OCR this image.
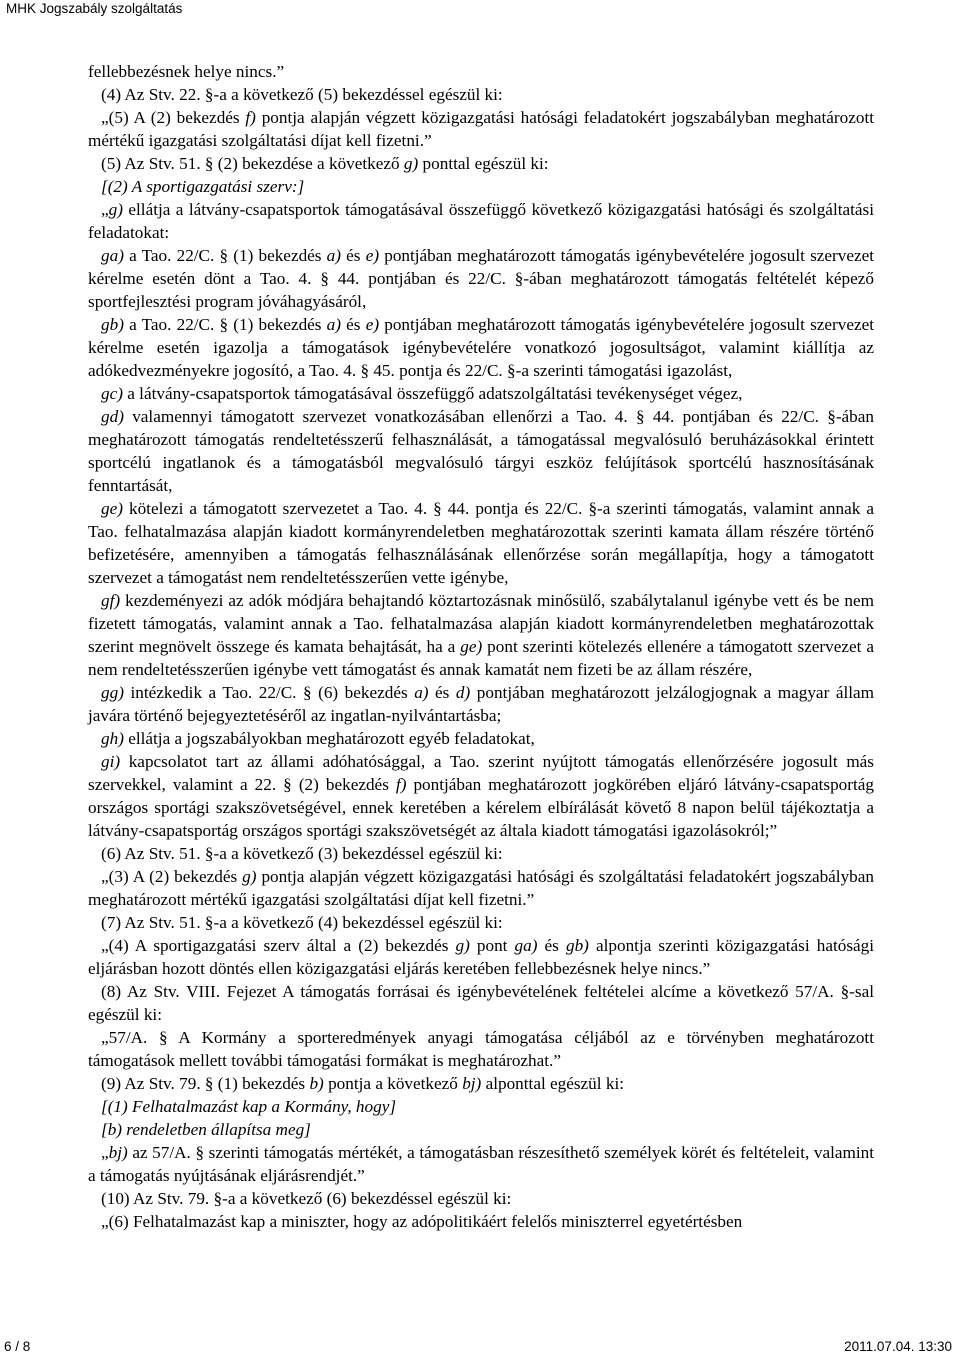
MHK Jogszabály szolgáltatás

fellebbezésnek helye nincs.”

(4) Az Stv. 22. §-a a következő (5) bekezdéssel egészül ki:

„(5) A (2) bekezdés f) pontja alapján végzett közigazgatási hatósági feladatokért jogszabályban meghatározott mértékű igazgatási szolgáltatási díjat kell fizetni.”

(5) Az Stv. 51. § (2) bekezdése a következő g) ponttal egészül ki:

[(2) A sportigazgatási szerv:]

„g) ellátja a látvány-csapatsportok támogatásával összefüggő következő közigazgatási hatósági és szolgáltatási feladatokat:

ga) a Tao. 22/C. § (1) bekezdés a) és e) pontjában meghatározott támogatás igénybevételére jogosult szervezet kérelme esetén dönt a Tao. 4. § 44. pontjában és 22/C. §-ában meghatározott támogatás feltételét képező sportfejlesztési program jóváhagyásáról,

gb) a Tao. 22/C. § (1) bekezdés a) és e) pontjában meghatározott támogatás igénybevételére jogosult szervezet kérelme esetén igazolja a támogatások igénybevételére vonatkozó jogosultságot, valamint kiállítja az adókedvezményekre jogosító, a Tao. 4. § 45. pontja és 22/C. §-a szerinti támogatási igazolást,

gc) a látvány-csapatsportok támogatásával összefüggő adatszolgáltatási tevékenységet végez,

gd) valamennyi támogatott szervezet vonatkozásában ellenőrzi a Tao. 4. § 44. pontjában és 22/C. §-ában meghatározott támogatás rendeltetésszerű felhasználását, a támogatással megvalósuló beruházásokkal érintett sportcélú ingatlanok és a támogatásból megvalósuló tárgyi eszköz felújítások sportcélú hasznosításának fenntartását,

ge) kötelezi a támogatott szervezetet a Tao. 4. § 44. pontja és 22/C. §-a szerinti támogatás, valamint annak a Tao. felhatalmazása alapján kiadott kormányrendeletben meghatározottak szerinti kamata állam részére történő befizetésére, amennyiben a támogatás felhasználásának ellenőrzése során megállapítja, hogy a támogatott szervezet a támogatást nem rendeltetésszerűen vette igénybe,

gf) kezdeményezi az adók módjára behajtandó köztartozásnak minősülő, szabálytalanul igénybe vett és be nem fizetett támogatás, valamint annak a Tao. felhatalmazása alapján kiadott kormányrendeletben meghatározottak szerint megnövelt összege és kamata behajtását, ha a ge) pont szerinti kötelezés ellenére a támogatott szervezet a nem rendeltetésszerűen igénybe vett támogatást és annak kamatát nem fizeti be az állam részére,

gg) intézkedik a Tao. 22/C. § (6) bekezdés a) és d) pontjában meghatározott jelzálogjognak a magyar állam javára történő bejegyeztetéséről az ingatlan-nyilvántartásba;

gh) ellátja a jogszabályokban meghatározott egyéb feladatokat,

gi) kapcsolatot tart az állami adóhatósággal, a Tao. szerint nyújtott támogatás ellenőrzésére jogosult más szervekkel, valamint a 22. § (2) bekezdés f) pontjában meghatározott jogkörében eljáró látvány-csapatsportág országos sportági szakszövetségével, ennek keretében a kérelem elbírálását követő 8 napon belül tájékoztatja a látvány-csapatsportág országos sportági szakszövetségét az általa kiadott támogatási igazolásokról;”

(6) Az Stv. 51. §-a a következő (3) bekezdéssel egészül ki:

„(3) A (2) bekezdés g) pontja alapján végzett közigazgatási hatósági és szolgáltatási feladatokért jogszabályban meghatározott mértékű igazgatási szolgáltatási díjat kell fizetni.”

(7) Az Stv. 51. §-a a következő (4) bekezdéssel egészül ki:

„(4) A sportigazgatási szerv által a (2) bekezdés g) pont ga) és gb) alpontja szerinti közigazgatási hatósági eljárásban hozott döntés ellen közigazgatási eljárás keretében fellebbezésnek helye nincs.”

(8) Az Stv. VIII. Fejezet A támogatás forrásai és igénybevételének feltételei alcíme a következő 57/A. §-sal egészül ki:

„57/A. § A Kormány a sporteredmények anyagi támogatása céljából az e törvényben meghatározott támogatások mellett további támogatási formákat is meghatározhat.”

(9) Az Stv. 79. § (1) bekezdés b) pontja a következő bj) alponttal egészül ki:

[(1) Felhatalmazást kap a Kormány, hogy]

[b) rendeletben állapítsa meg]

„bj) az 57/A. § szerinti támogatás mértékét, a támogatásban részesíthető személyek körét és feltételeit, valamint a támogatás nyújtásának eljárásrendjét.”

(10) Az Stv. 79. §-a a következő (6) bekezdéssel egészül ki:

„(6) Felhatalmazást kap a miniszter, hogy az adópolitikáért felelős miniszterrel egyetértésben

6 / 8	2011.07.04. 13:30
